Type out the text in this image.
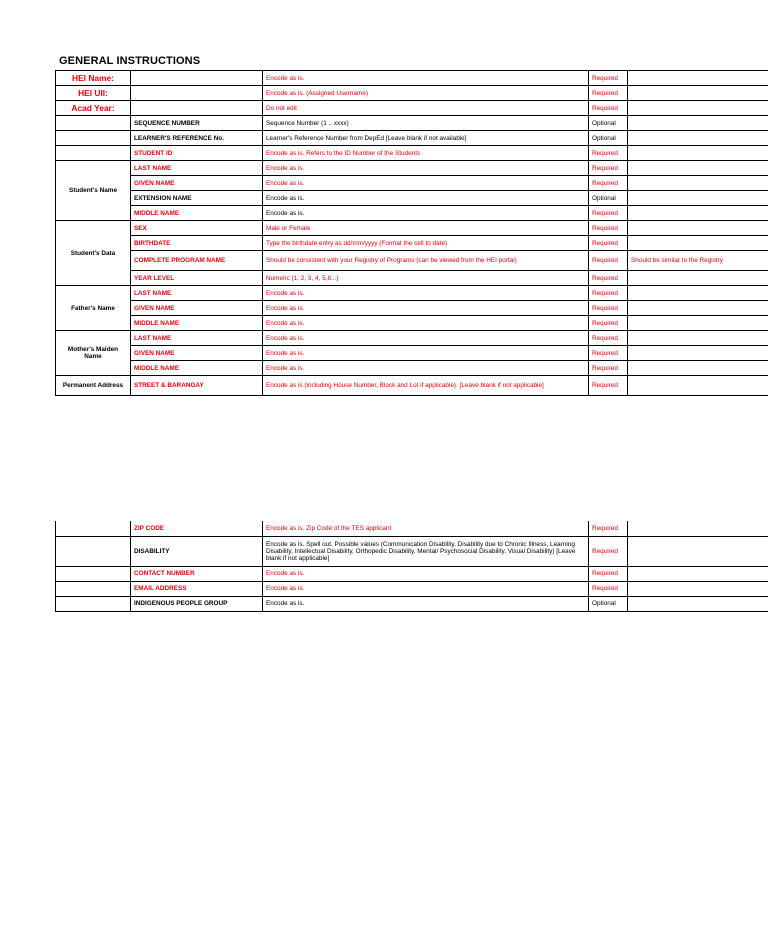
GENERAL INSTRUCTIONS
HEI Name:		Encode as is.	Required	
HEI UII:		Encode as is. (Assigned Username)	Required	
Acad Year:		Do not edit	Required	
	SEQUENCE NUMBER	Sequence Number (1 .. xxxx)	Optional	
	LEARNER'S REFERENCE No.	Learner's Reference Number from DepEd [Leave blank if not available]	Optional	
	STUDENT ID	Encode as is. Refers to the ID Number of the Students	Required	
Student's Name	LAST NAME	Encode as is.	Required	
	GIVEN NAME	Encode as is.	Required	
	EXTENSION NAME	Encode as is.	Optional	
	MIDDLE NAME	Encode as is.	Required	
Student's Data	SEX	Male or Female	Required	
	BIRTHDATE	Type the birthdate entry as dd/mm/yyyy (Format the cell to date)	Required	
	COMPLETE PROGRAM NAME	Should be consistent with your Registry of Programs (can be viewed from the HEI portal)	Required	Should be similar to the Registry
	YEAR LEVEL	Numeric (1, 2, 3, 4, 5,6...)	Required	
Father's Name	LAST NAME	Encode as is.	Required	
	GIVEN NAME	Encode as is.	Required	
	MIDDLE NAME	Encode as is.	Required	
Mother's Maiden Name	LAST NAME	Encode as is.	Required	
	GIVEN NAME	Encode as is.	Required	
	MIDDLE NAME	Encode as is.	Required	
Permanent Address	STREET & BARANGAY	Encode as is (including House Number, Block and Lot if applicable). [Leave blank if not applicable]	Required	
	ZIP CODE	Encode as is. Zip Code of the TES applicant	Required	
	DISABILITY	Encode as is. Spell out. Possible values (Communication Disability, Disability due to Chronic Illness, Learning Disability, Intellectual Disability, Orthopedic Disability, Mental/ Psychosocial Disability, Visual Disability) [Leave blank if not applicable]	Required	
	CONTACT NUMBER	Encode as is.	Required	
	EMAIL ADDRESS	Encode as is.	Required	
	INDIGENOUS PEOPLE GROUP	Encode as is.	Optional	
